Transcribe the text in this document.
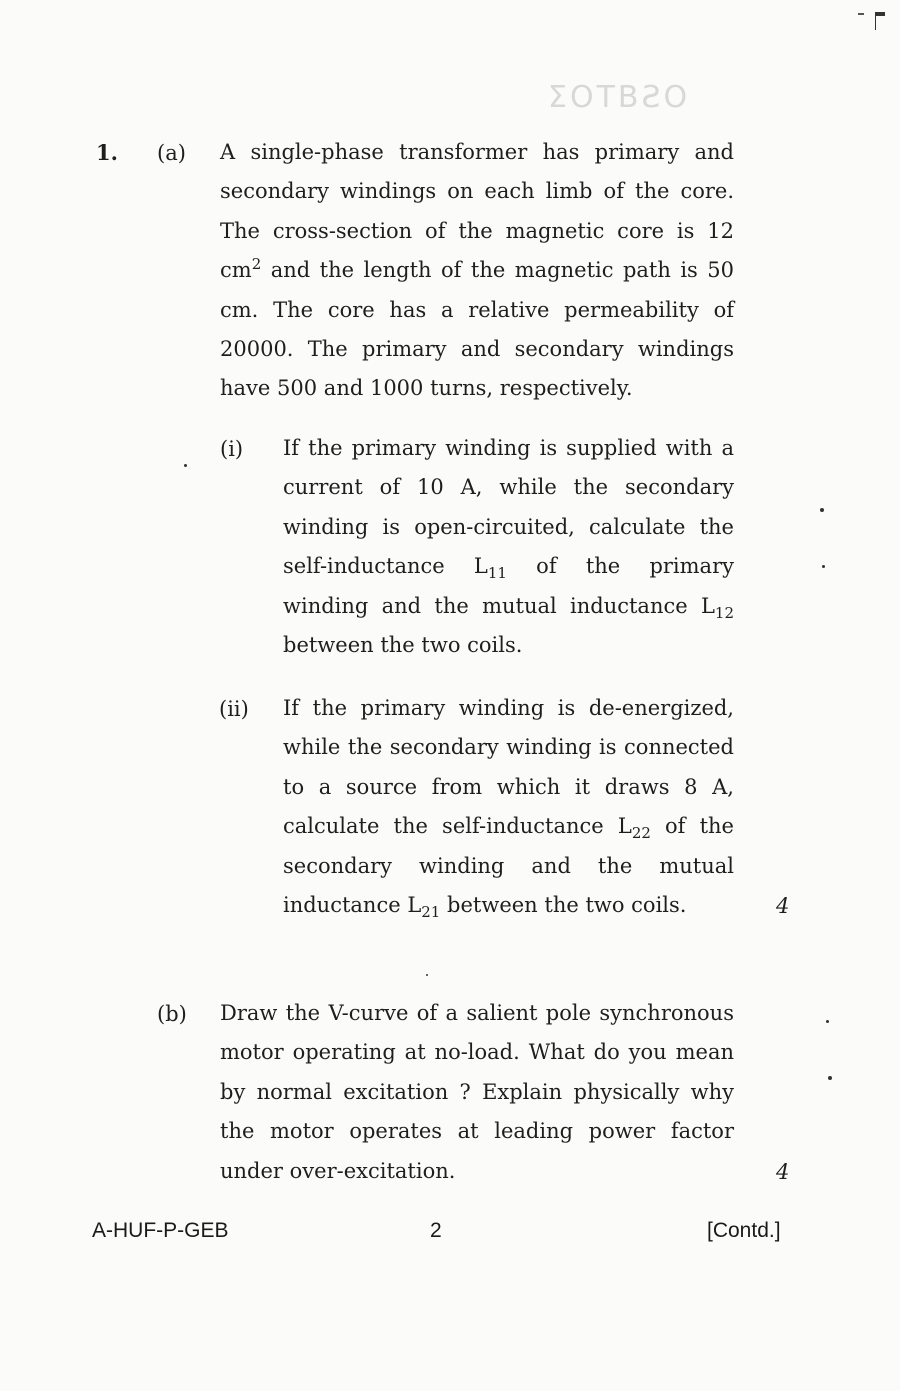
ΣOTBƧO
1. (a) A single-phase transformer has primary and secondary windings on each limb of the core. The cross-section of the magnetic core is 12 $cm^2$ and the length of the magnetic path is 50 cm. The core has a relative permeability of 20000. The primary and secondary windings have 500 and 1000 turns, respectively.
(i) If the primary winding is supplied with a current of 10 A, while the secondary winding is open-circuited, calculate the self-inductance $L_{11}$ of the primary winding and the mutual inductance $L_{12}$ between the two coils.
(ii) If the primary winding is de-energized, while the secondary winding is connected to a source from which it draws 8 A, calculate the self-inductance $L_{22}$ of the secondary winding and the mutual inductance $L_{21}$ between the two coils.	4
(b) Draw the V-curve of a salient pole synchronous motor operating at no-load. What do you mean by normal excitation ? Explain physically why the motor operates at leading power factor under over-excitation.	4
A-HUF-P-GEB	2	[Contd.]
